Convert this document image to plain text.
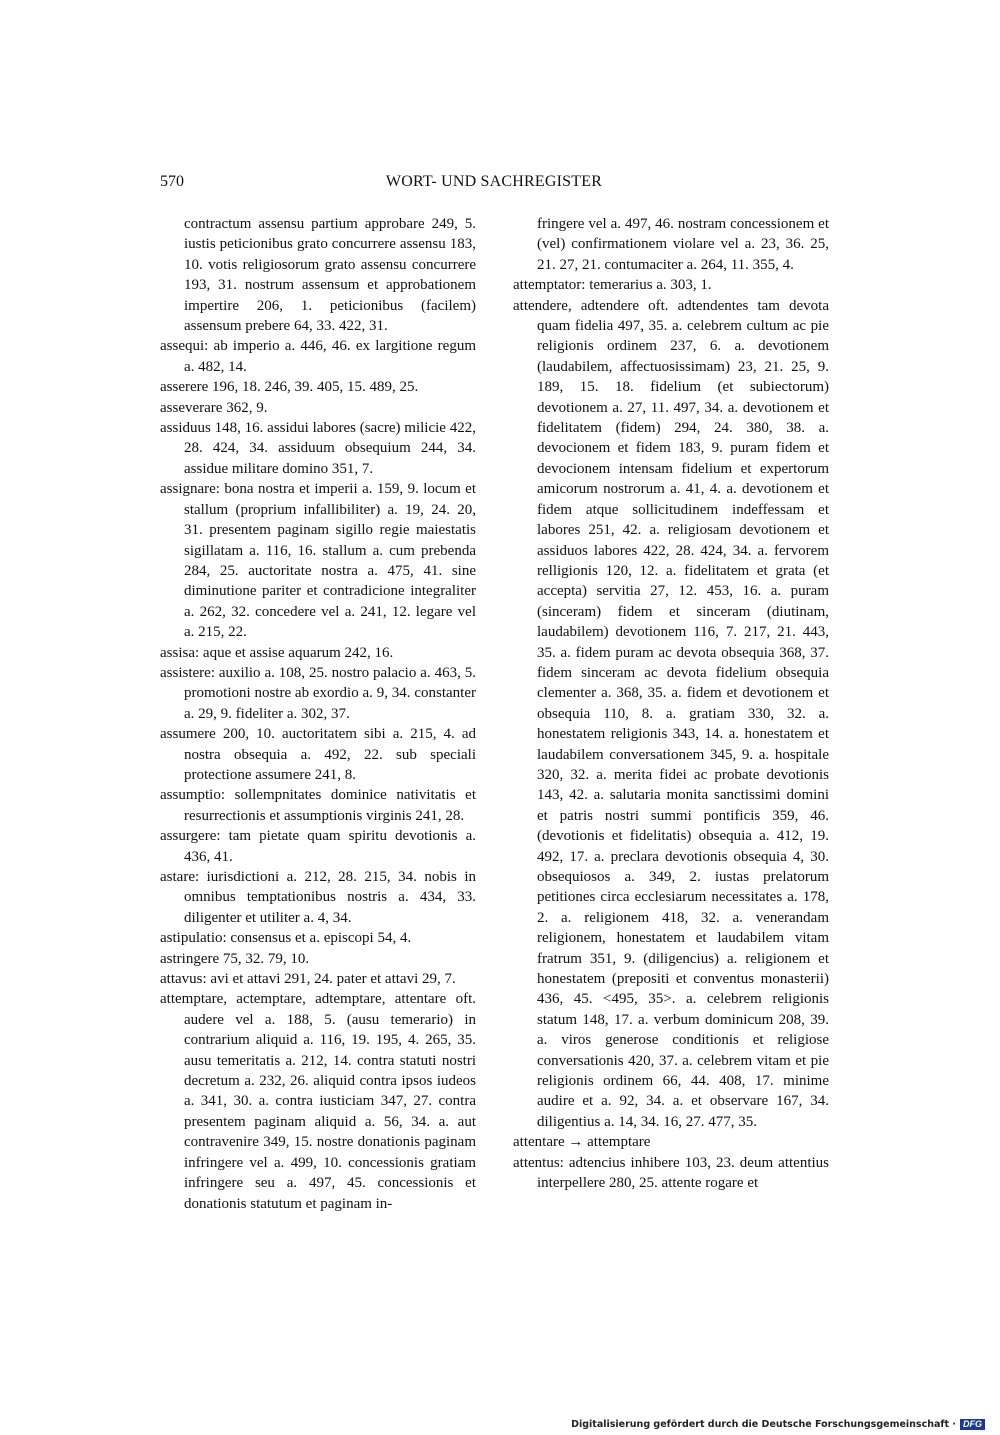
570	WORT- UND SACHREGISTER

contractum assensu partium approbare 249, 5. iustis peticionibus grato concurrere assensu 183, 10. votis religiosorum grato assensu concurrere 193, 31. nostrum assensum et approbationem impertire 206, 1. peticionibus (facilem) assensum prebere 64, 33. 422, 31.

assequi: ab imperio a. 446, 46. ex largitione regum a. 482, 14.

asserere 196, 18. 246, 39. 405, 15. 489, 25.

asseverare 362, 9.

assiduus 148, 16. assidui labores (sacre) milicie 422, 28. 424, 34. assiduum obsequium 244, 34. assidue militare domino 351, 7.

assignare: bona nostra et imperii a. 159, 9. locum et stallum (proprium infallibiliter) a. 19, 24. 20, 31. presentem paginam sigillo regie maiestatis sigillatam a. 116, 16. stallum a. cum prebenda 284, 25. auctoritate nostra a. 475, 41. sine diminutione pariter et contradicione integraliter a. 262, 32. concedere vel a. 241, 12. legare vel a. 215, 22.

assisa: aque et assise aquarum 242, 16.

assistere: auxilio a. 108, 25. nostro palacio a. 463, 5. promotioni nostre ab exordio a. 9, 34. constanter a. 29, 9. fideliter a. 302, 37.

assumere 200, 10. auctoritatem sibi a. 215, 4. ad nostra obsequia a. 492, 22. sub speciali protectione assumere 241, 8.

assumptio: sollempnitates dominice nativitatis et resurrectionis et assumptionis virginis 241, 28.

assurgere: tam pietate quam spiritu devotionis a. 436, 41.

astare: iurisdictioni a. 212, 28. 215, 34. nobis in omnibus temptationibus nostris a. 434, 33. diligenter et utiliter a. 4, 34.

astipulatio: consensus et a. episcopi 54, 4.

astringere 75, 32. 79, 10.

attavus: avi et attavi 291, 24. pater et attavi 29, 7.

attemptare, actemptare, adtemptare, attentare oft. audere vel a. 188, 5. (ausu temerario) in contrarium aliquid a. 116, 19. 195, 4. 265, 35. ausu temeritatis a. 212, 14. contra statuti nostri decretum a. 232, 26. aliquid contra ipsos iudeos a. 341, 30. a. contra iusticiam 347, 27. contra presentem paginam aliquid a. 56, 34. a. aut contravenire 349, 15. nostre donationis paginam infringere vel a. 499, 10. concessionis gratiam infringere seu a. 497, 45. concessionis et donationis statutum et paginam in-

fringere vel a. 497, 46. nostram concessionem et (vel) confirmationem violare vel a. 23, 36. 25, 21. 27, 21. contumaciter a. 264, 11. 355, 4.

attemptator: temerarius a. 303, 1.

attendere, adtendere oft. adtendentes tam devota quam fidelia 497, 35. a. celebrem cultum ac pie religionis ordinem 237, 6. a. devotionem (laudabilem, affectuosissimam) 23, 21. 25, 9. 189, 15. 18. fidelium (et subiectorum) devotionem a. 27, 11. 497, 34. a. devotionem et fidelitatem (fidem) 294, 24. 380, 38. a. devocionem et fidem 183, 9. puram fidem et devocionem intensam fidelium et expertorum amicorum nostrorum a. 41, 4. a. devotionem et fidem atque sollicitudinem indeffessam et labores 251, 42. a. religiosam devotionem et assiduos labores 422, 28. 424, 34. a. fervorem relligionis 120, 12. a. fidelitatem et grata (et accepta) servitia 27, 12. 453, 16. a. puram (sinceram) fidem et sinceram (diutinam, laudabilem) devotionem 116, 7. 217, 21. 443, 35. a. fidem puram ac devota obsequia 368, 37. fidem sinceram ac devota fidelium obsequia clementer a. 368, 35. a. fidem et devotionem et obsequia 110, 8. a. gratiam 330, 32. a. honestatem religionis 343, 14. a. honestatem et laudabilem conversationem 345, 9. a. hospitale 320, 32. a. merita fidei ac probate devotionis 143, 42. a. salutaria monita sanctissimi domini et patris nostri summi pontificis 359, 46. (devotionis et fidelitatis) obsequia a. 412, 19. 492, 17. a. preclara devotionis obsequia 4, 30. obsequiosos a. 349, 2. iustas prelatorum petitiones circa ecclesiarum necessitates a. 178, 2. a. religionem 418, 32. a. venerandam religionem, honestatem et laudabilem vitam fratrum 351, 9. (diligencius) a. religionem et honestatem (prepositi et conventus monasterii) 436, 45. <495, 35>. a. celebrem religionis statum 148, 17. a. verbum dominicum 208, 39. a. viros generose conditionis et religiose conversationis 420, 37. a. celebrem vitam et pie religionis ordinem 66, 44. 408, 17. minime audire et a. 92, 34. a. et observare 167, 34. diligentius a. 14, 34. 16, 27. 477, 35.

attentare → attemptare

attentus: adtencius inhibere 103, 23. deum attentius interpellere 280, 25. attente rogare et

Digitalisierung gefördert durch die Deutsche Forschungsgemeinschaft · DFG
